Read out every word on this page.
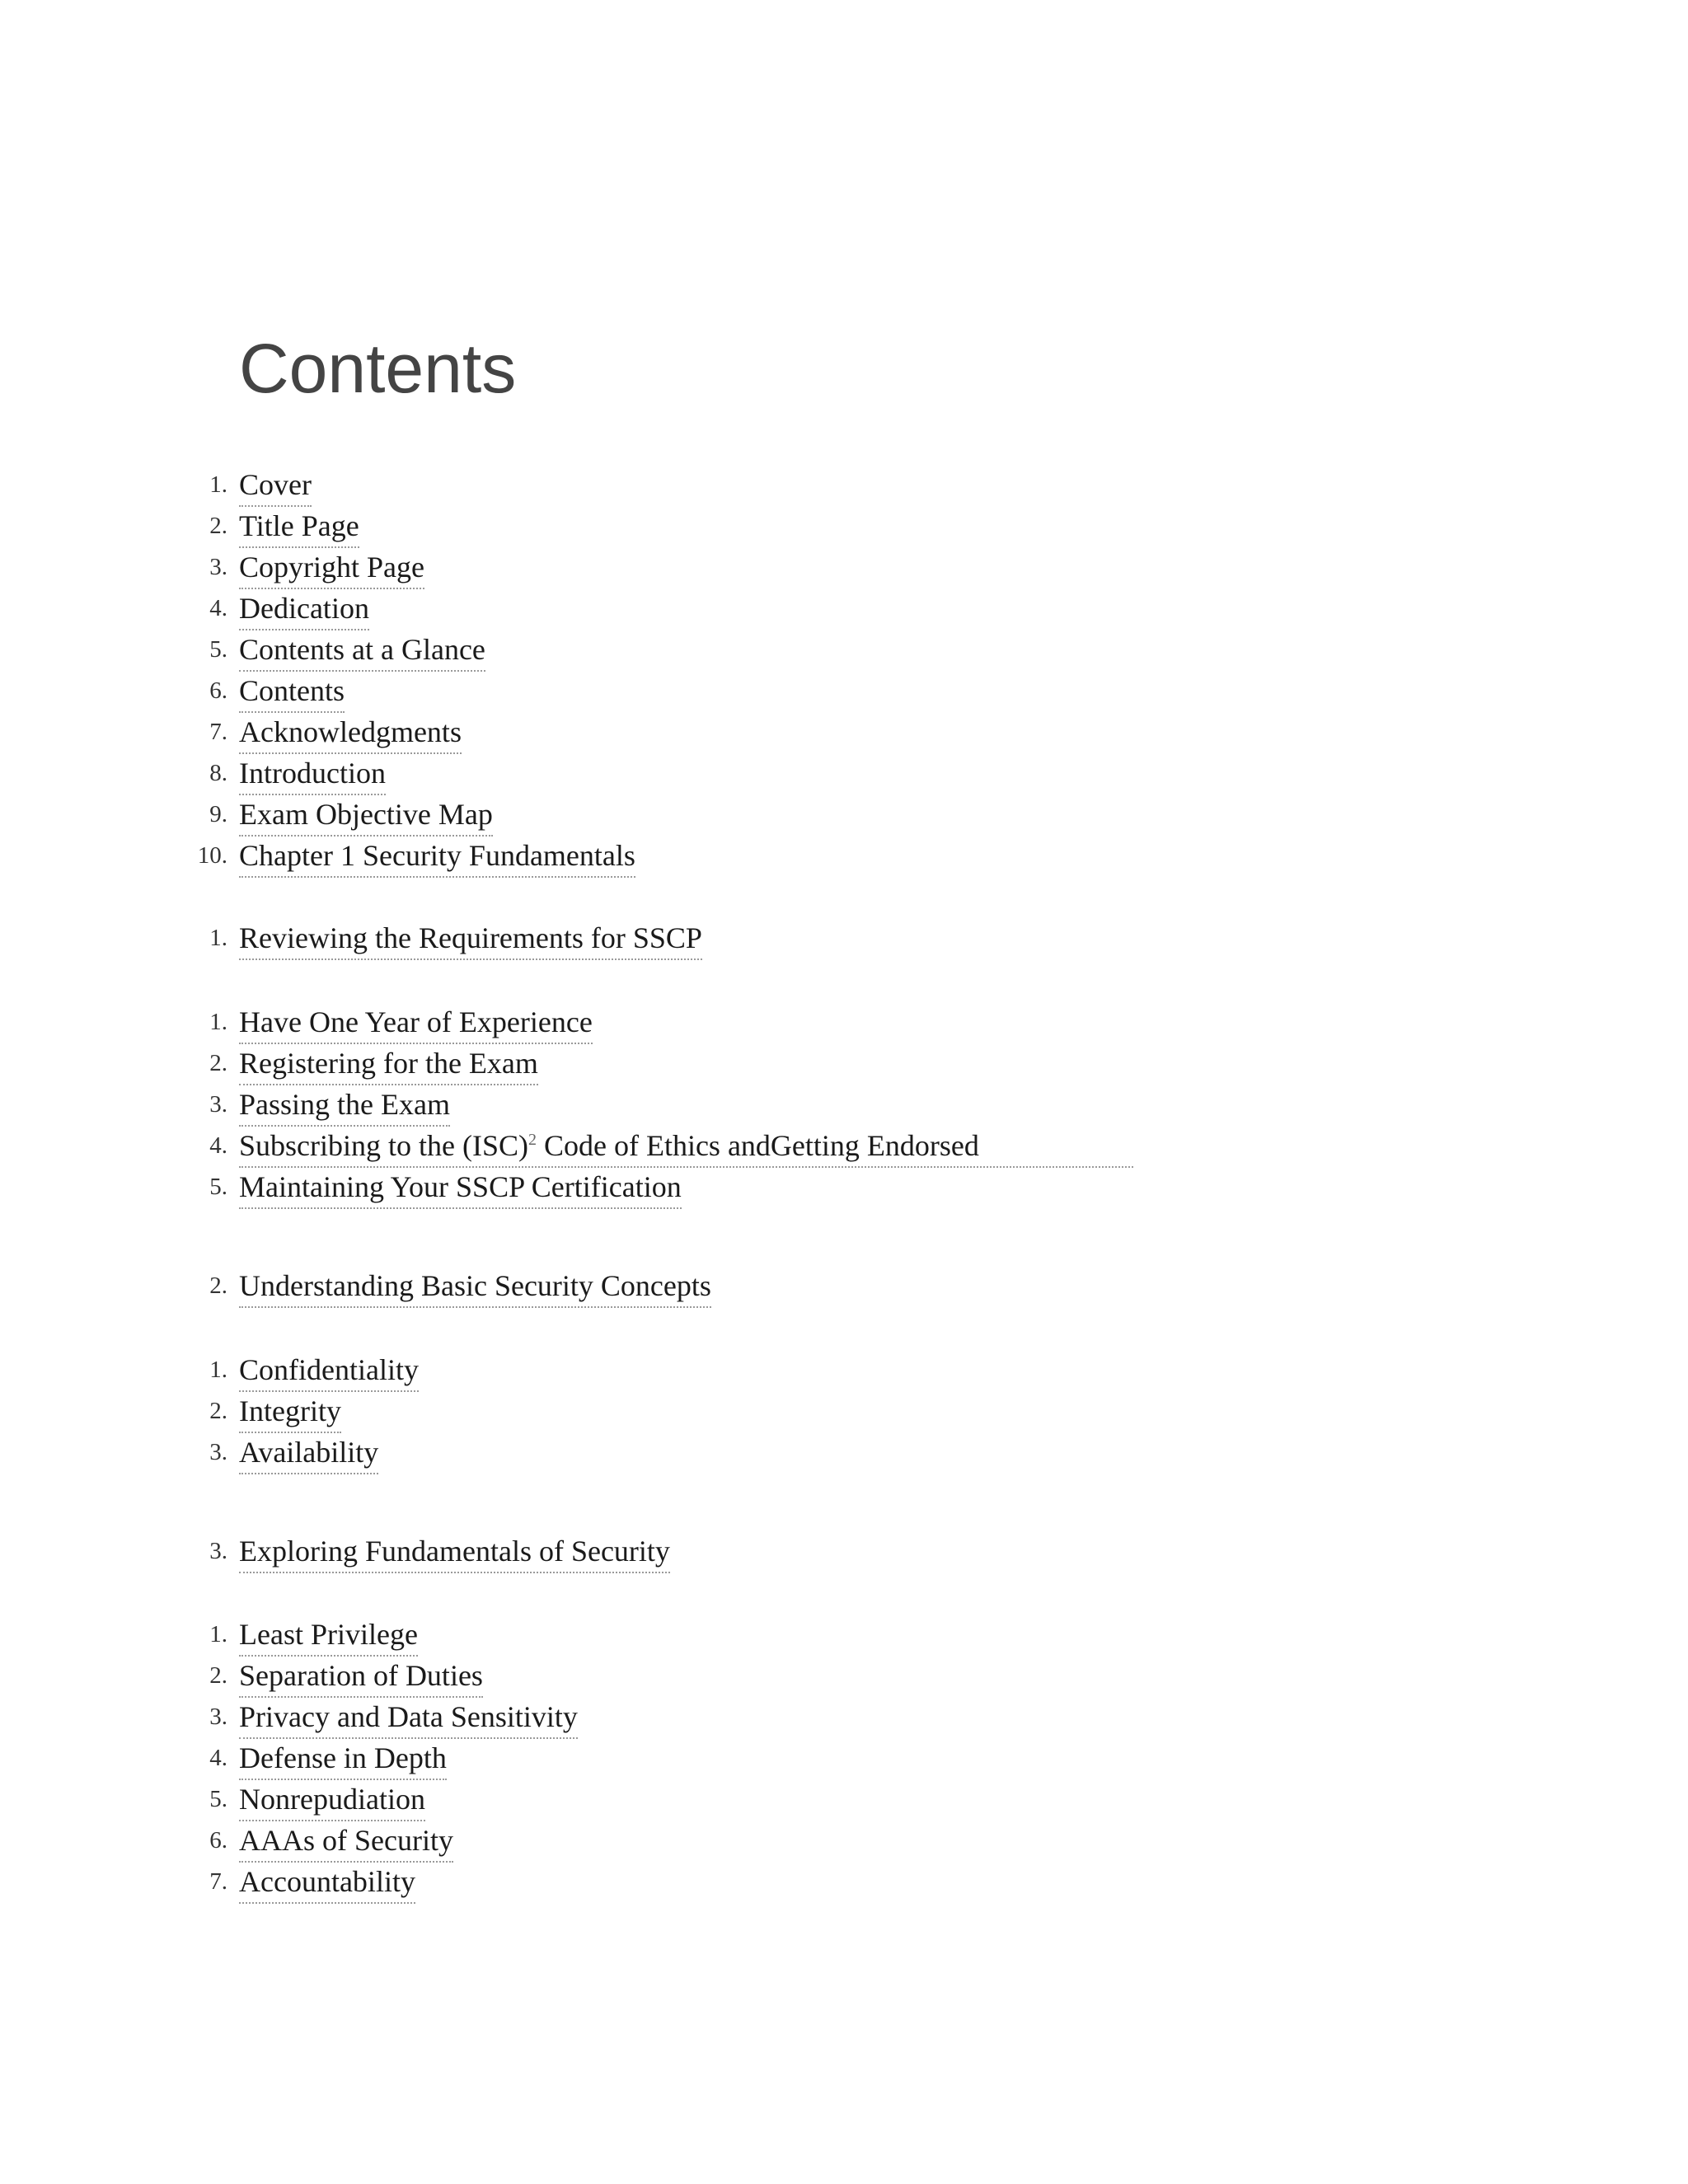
Contents
1. Cover
2. Title Page
3. Copyright Page
4. Dedication
5. Contents at a Glance
6. Contents
7. Acknowledgments
8. Introduction
9. Exam Objective Map
10. Chapter 1 Security Fundamentals
1. Reviewing the Requirements for SSCP
1. Have One Year of Experience
2. Registering for the Exam
3. Passing the Exam
4. Subscribing to the (ISC)$^2$ Code of Ethics andGetting Endorsed
5. Maintaining Your SSCP Certification
2. Understanding Basic Security Concepts
1. Confidentiality
2. Integrity
3. Availability
3. Exploring Fundamentals of Security
1. Least Privilege
2. Separation of Duties
3. Privacy and Data Sensitivity
4. Defense in Depth
5. Nonrepudiation
6. AAAs of Security
7. Accountability
